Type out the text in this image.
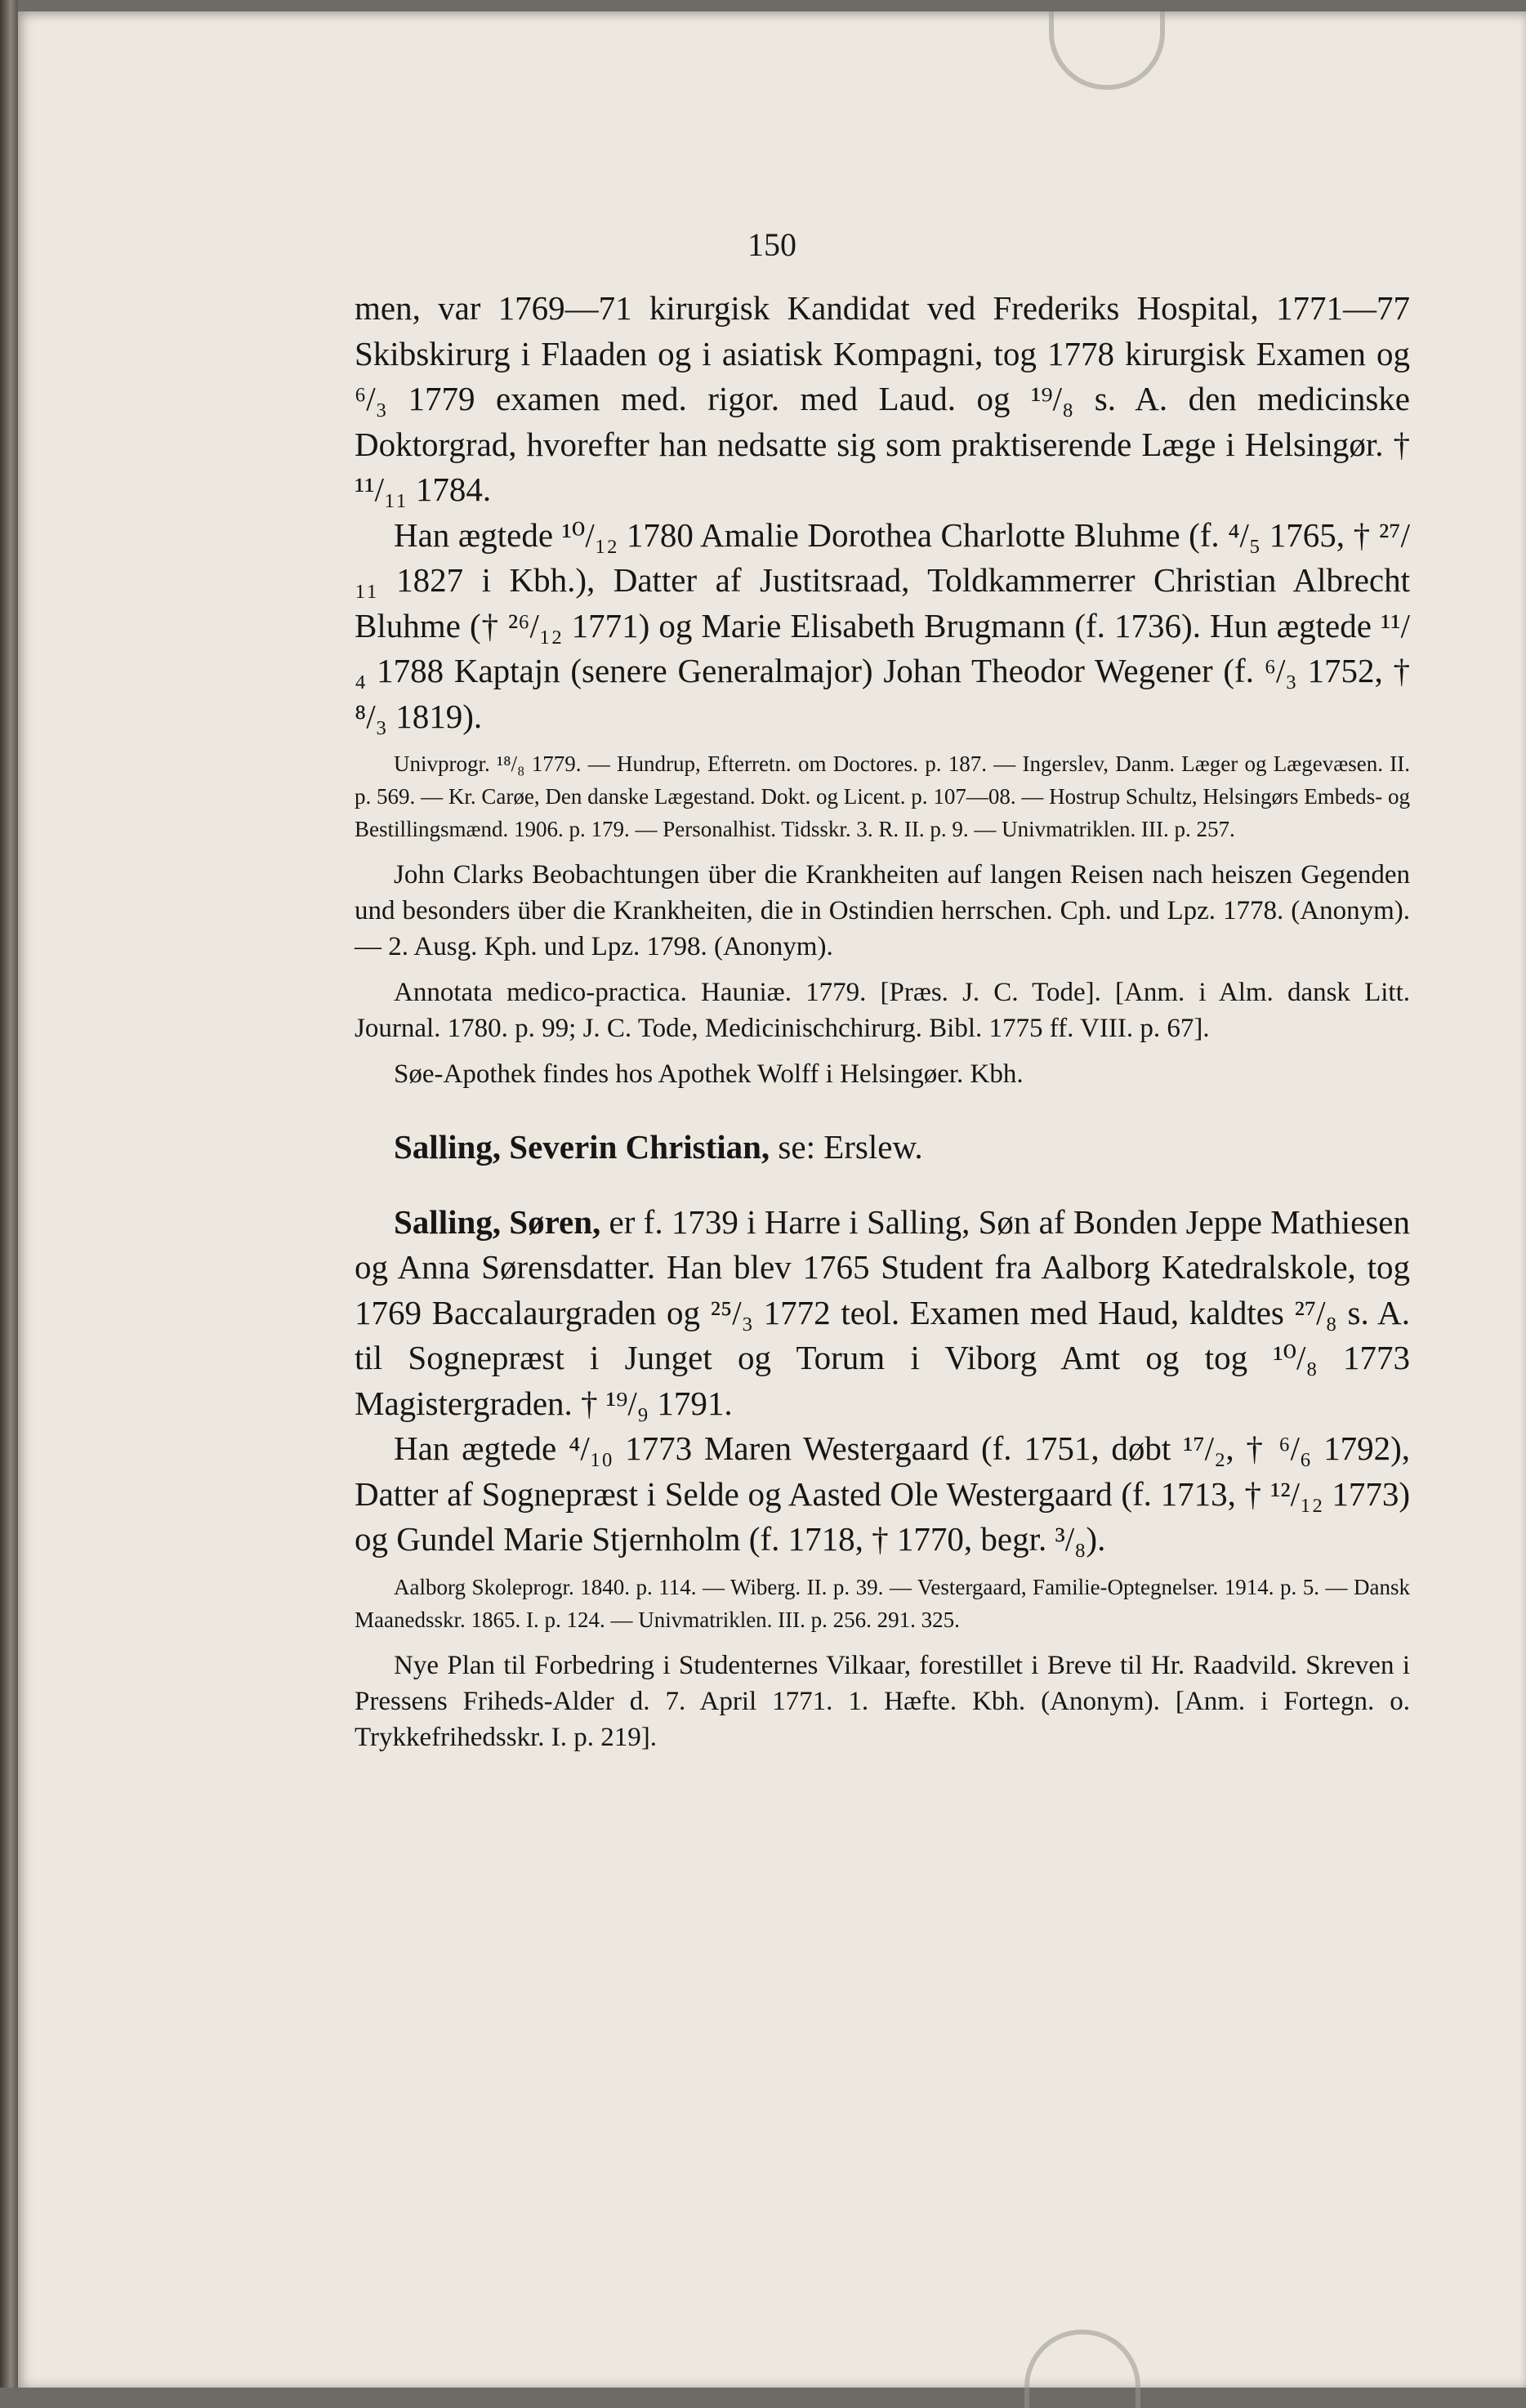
150

men, var 1769—71 kirurgisk Kandidat ved Frederiks Hospital, 1771—77 Skibskirurg i Flaaden og i asiatisk Kompagni, tog 1778 kirurgisk Examen og ⁶/₃ 1779 examen med. rigor. med Laud. og ¹⁹/₈ s. A. den medicinske Doktorgrad, hvorefter han nedsatte sig som praktiserende Læge i Helsingør. † ¹¹/₁₁ 1784.

Han ægtede ¹⁰/₁₂ 1780 Amalie Dorothea Charlotte Bluhme (f. ⁴/₅ 1765, † ²⁷/₁₁ 1827 i Kbh.), Datter af Justitsraad, Toldkammerrer Christian Albrecht Bluhme († ²⁶/₁₂ 1771) og Marie Elisabeth Brugmann (f. 1736). Hun ægtede ¹¹/₄ 1788 Kaptajn (senere Generalmajor) Johan Theodor Wegener (f. ⁶/₃ 1752, † ⁸/₃ 1819).

Univprogr. ¹⁸/₈ 1779. — Hundrup, Efterretn. om Doctores. p. 187. — Ingerslev, Danm. Læger og Lægevæsen. II. p. 569. — Kr. Carøe, Den danske Lægestand. Dokt. og Licent. p. 107—08. — Hostrup Schultz, Helsingørs Embeds- og Bestillingsmænd. 1906. p. 179. — Personalhist. Tidsskr. 3. R. II. p. 9. — Univmatriklen. III. p. 257.

John Clarks Beobachtungen über die Krankheiten auf langen Reisen nach heiszen Gegenden und besonders über die Krankheiten, die in Ostindien herrschen. Cph. und Lpz. 1778. (Anonym). — 2. Ausg. Kph. und Lpz. 1798. (Anonym).

Annotata medico-practica. Hauniæ. 1779. [Præs. J. C. Tode]. [Anm. i Alm. dansk Litt. Journal. 1780. p. 99; J. C. Tode, Medicinischchirurg. Bibl. 1775 ff. VIII. p. 67].

Søe-Apothek findes hos Apothek Wolff i Helsingøer. Kbh.

Salling, Severin Christian, se: Erslew.

Salling, Søren, er f. 1739 i Harre i Salling, Søn af Bonden Jeppe Mathiesen og Anna Sørensdatter. Han blev 1765 Student fra Aalborg Katedralskole, tog 1769 Baccalaurgraden og ²⁵/₃ 1772 teol. Examen med Haud, kaldtes ²⁷/₈ s. A. til Sognepræst i Junget og Torum i Viborg Amt og tog ¹⁰/₈ 1773 Magistergraden. † ¹⁹/₉ 1791.

Han ægtede ⁴/₁₀ 1773 Maren Westergaard (f. 1751, døbt ¹⁷/₂, † ⁶/₆ 1792), Datter af Sognepræst i Selde og Aasted Ole Westergaard (f. 1713, † ¹²/₁₂ 1773) og Gundel Marie Stjernholm (f. 1718, † 1770, begr. ³/₈).

Aalborg Skoleprogr. 1840. p. 114. — Wiberg. II. p. 39. — Vestergaard, Familie-Optegnelser. 1914. p. 5. — Dansk Maanedsskr. 1865. I. p. 124. — Univmatriklen. III. p. 256. 291. 325.

Nye Plan til Forbedring i Studenternes Vilkaar, forestillet i Breve til Hr. Raadvild. Skreven i Pressens Friheds-Alder d. 7. April 1771. 1. Hæfte. Kbh. (Anonym). [Anm. i Fortegn. o. Trykkefrihedsskr. I. p. 219].
